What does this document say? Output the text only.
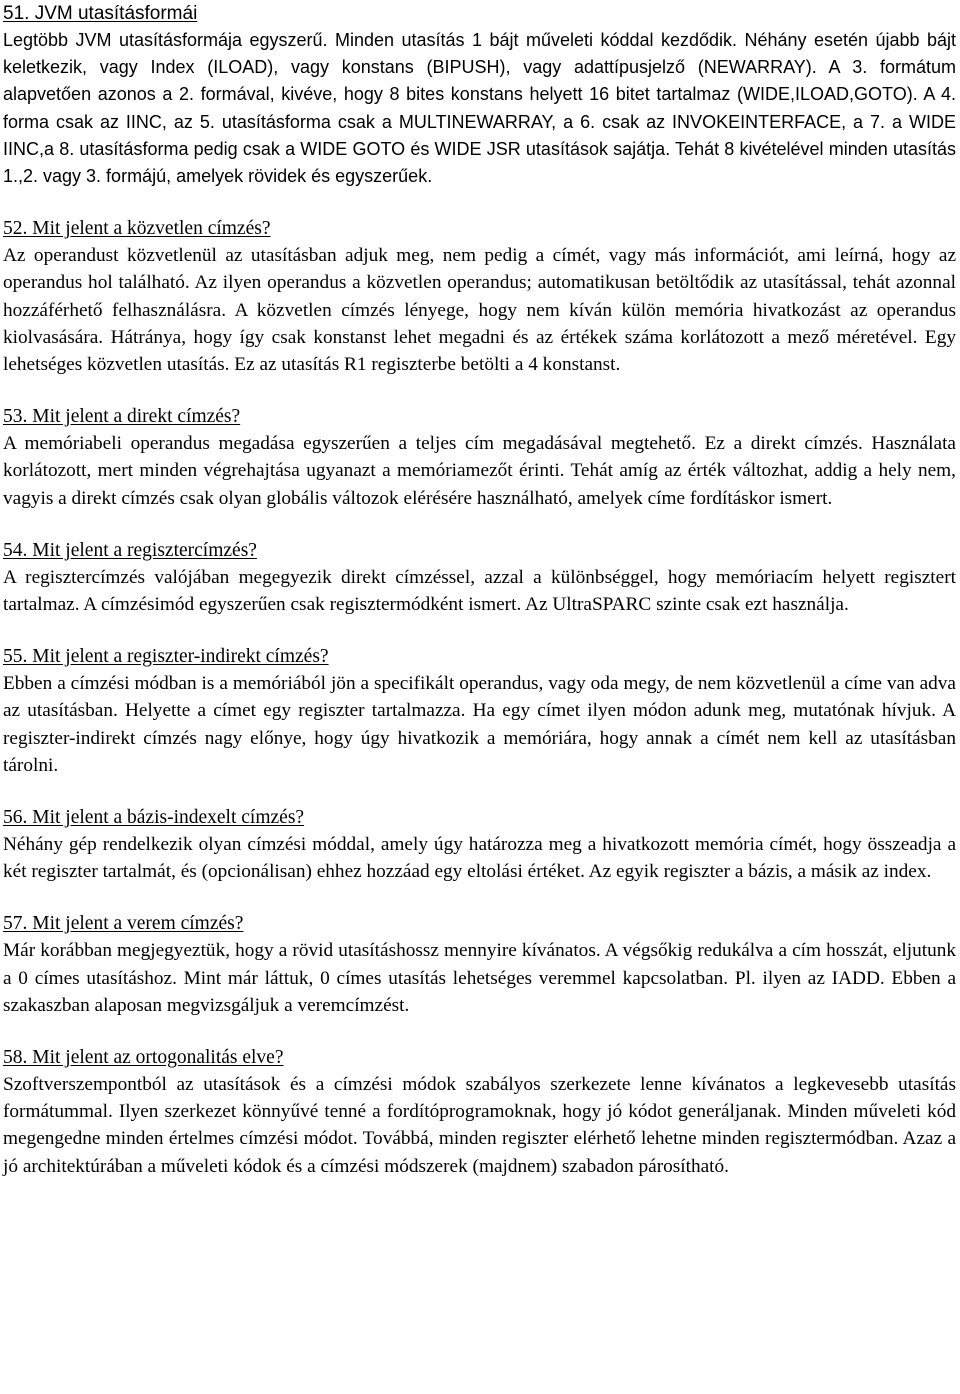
51. JVM utasításformái
Legtöbb JVM utasításformája egyszerű. Minden utasítás 1 bájt műveleti kóddal kezdődik. Néhány esetén újabb bájt keletkezik, vagy Index (ILOAD), vagy konstans (BIPUSH), vagy adattípusjelző (NEWARRAY). A 3. formátum alapvetően azonos a 2. formával, kivéve, hogy 8 bites konstans helyett 16 bitet tartalmaz (WIDE,ILOAD,GOTO). A 4. forma csak az IINC, az 5. utasításforma csak a MULTINEWARRAY, a 6. csak az INVOKEINTERFACE, a 7. a WIDE IINC,a 8. utasításforma pedig csak a WIDE GOTO és WIDE JSR utasítások sajátja. Tehát 8 kivételével minden utasítás 1.,2. vagy 3. formájú, amelyek rövidek és egyszerűek.
52. Mit jelent a közvetlen címzés?
Az operandust közvetlenül az utasításban adjuk meg, nem pedig a címét, vagy más információt, ami leírná, hogy az operandus hol található. Az ilyen operandus a közvetlen operandus; automatikusan betöltődik az utasítással, tehát azonnal hozzáférhető felhasználásra. A közvetlen címzés lényege, hogy nem kíván külön memória hivatkozást az operandus kiolvasására. Hátránya, hogy így csak konstanst lehet megadni és az értékek száma korlátozott a mező méretével. Egy lehetséges közvetlen utasítás. Ez az utasítás R1 regiszterbe betölti a 4 konstanst.
53. Mit jelent a direkt címzés?
A memóriabeli operandus megadása egyszerűen a teljes cím megadásával megtehető. Ez a direkt címzés. Használata korlátozott, mert minden végrehajtása ugyanazt a memóriamezőt érinti. Tehát amíg az érték változhat, addig a hely nem, vagyis a direkt címzés csak olyan globális változok elérésére használható, amelyek címe fordításkor ismert.
54. Mit jelent a regisztercímzés?
A regisztercímzés valójában megegyezik direkt címzéssel, azzal a különbséggel, hogy memóriacím helyett regisztert tartalmaz. A címzésimód egyszerűen csak regisztermódként ismert. Az UltraSPARC szinte csak ezt használja.
55. Mit jelent a regiszter-indirekt címzés?
Ebben a címzési módban is a memóriából jön a specifikált operandus, vagy oda megy, de nem közvetlenül a címe van adva az utasításban. Helyette a címet egy regiszter tartalmazza. Ha egy címet ilyen módon adunk meg, mutatónak hívjuk. A regiszter-indirekt címzés nagy előnye, hogy úgy hivatkozik a memóriára, hogy annak a címét nem kell az utasításban tárolni.
56. Mit jelent a bázis-indexelt címzés?
Néhány gép rendelkezik olyan címzési móddal, amely úgy határozza meg a hivatkozott memória címét, hogy összeadja a két regiszter tartalmát, és (opcionálisan) ehhez hozzáad egy eltolási értéket. Az egyik regiszter a bázis, a másik az index.
57. Mit jelent a verem címzés?
Már korábban megjegyeztük, hogy a rövid utasításhossz mennyire kívánatos. A végsőkig redukálva a cím hosszát, eljutunk a 0 címes utasításhoz. Mint már láttuk, 0 címes utasítás lehetséges veremmel kapcsolatban. Pl. ilyen az IADD. Ebben a szakaszban alaposan megvizsgáljuk a veremcímzést.
58. Mit jelent az ortogonalitás elve?
Szoftverszempontból az utasítások és a címzési módok szabályos szerkezete lenne kívánatos a legkevesebb utasítás formátummal. Ilyen szerkezet könnyűvé tenné a fordítóprogramoknak, hogy jó kódot generáljanak. Minden műveleti kód megengedne minden értelmes címzési módot. Továbbá, minden regiszter elérhető lehetne minden regisztermódban. Azaz a jó architektúrában a műveleti kódok és a címzési módszerek (majdnem) szabadon párosítható.
